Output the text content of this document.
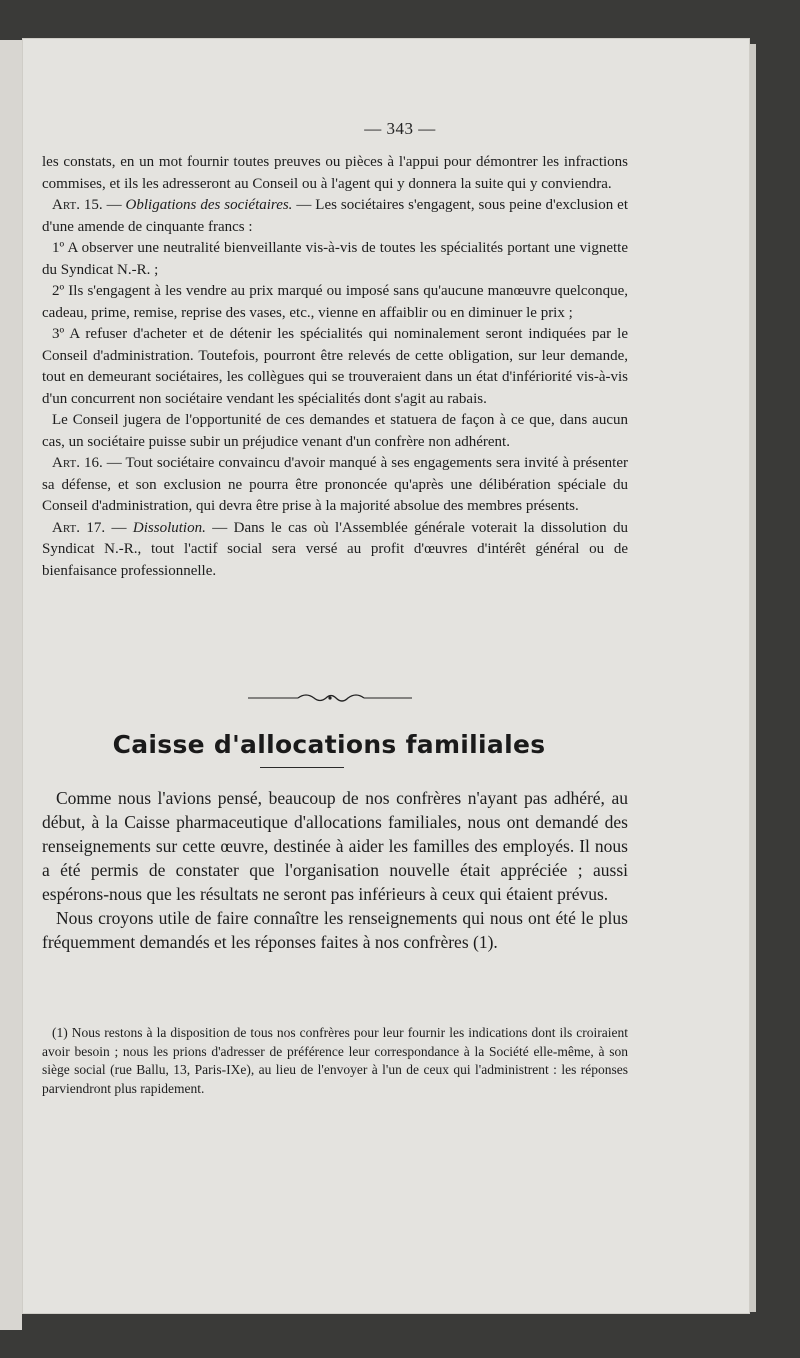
— 343 —

les constats, en un mot fournir toutes preuves ou pièces à l'appui pour démontrer les infractions commises, et ils les adresseront au Conseil ou à l'agent qui y donnera la suite qui y conviendra.

Art. 15. — Obligations des sociétaires. — Les sociétaires s'engagent, sous peine d'exclusion et d'une amende de cinquante francs :

1º A observer une neutralité bienveillante vis-à-vis de toutes les spécialités portant une vignette du Syndicat N.-R. ;

2º Ils s'engagent à les vendre au prix marqué ou imposé sans qu'aucune manœuvre quelconque, cadeau, prime, remise, reprise des vases, etc., vienne en affaiblir ou en diminuer le prix ;

3º A refuser d'acheter et de détenir les spécialités qui nominalement seront indiquées par le Conseil d'administration. Toutefois, pourront être relevés de cette obligation, sur leur demande, tout en demeurant sociétaires, les collègues qui se trouveraient dans un état d'infériorité vis-à-vis d'un concurrent non sociétaire vendant les spécialités dont s'agit au rabais.

Le Conseil jugera de l'opportunité de ces demandes et statuera de façon à ce que, dans aucun cas, un sociétaire puisse subir un préjudice venant d'un confrère non adhérent.

Art. 16. — Tout sociétaire convaincu d'avoir manqué à ses engagements sera invité à présenter sa défense, et son exclusion ne pourra être prononcée qu'après une délibération spéciale du Conseil d'administration, qui devra être prise à la majorité absolue des membres présents.

Art. 17. — Dissolution. — Dans le cas où l'Assemblée générale voterait la dissolution du Syndicat N.-R., tout l'actif social sera versé au profit d'œuvres d'intérêt général ou de bienfaisance professionnelle.

Caisse d'allocations familiales

Comme nous l'avions pensé, beaucoup de nos confrères n'ayant pas adhéré, au début, à la Caisse pharmaceutique d'allocations familiales, nous ont demandé des renseignements sur cette œuvre, destinée à aider les familles des employés. Il nous a été permis de constater que l'organisation nouvelle était appréciée ; aussi espérons-nous que les résultats ne seront pas inférieurs à ceux qui étaient prévus.

Nous croyons utile de faire connaître les renseignements qui nous ont été le plus fréquemment demandés et les réponses faites à nos confrères (1).

(1) Nous restons à la disposition de tous nos confrères pour leur fournir les indications dont ils croiraient avoir besoin ; nous les prions d'adresser de préférence leur correspondance à la Société elle-même, à son siège social (rue Ballu, 13, Paris-IXe), au lieu de l'envoyer à l'un de ceux qui l'administrent : les réponses parviendront plus rapidement.
